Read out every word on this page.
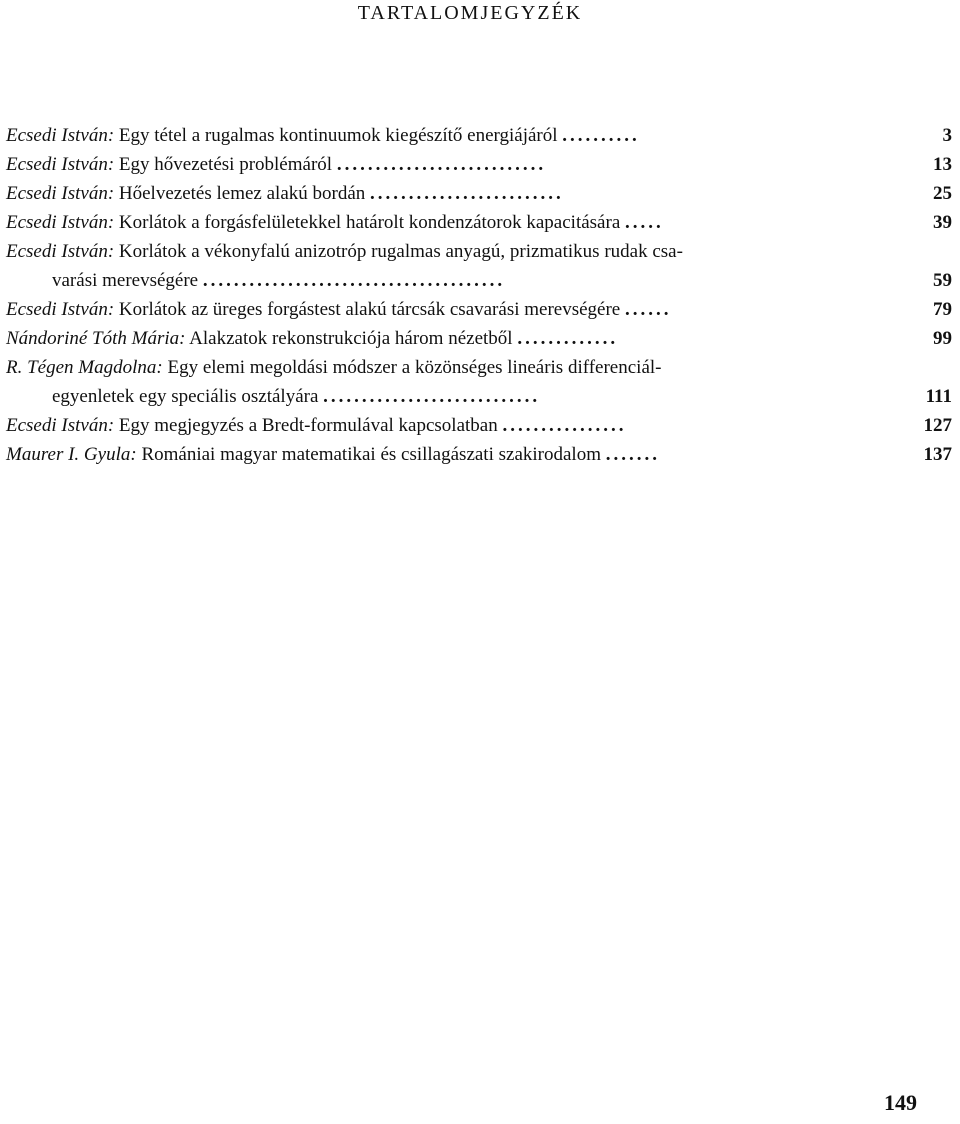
TARTALOMJEGYZÉK
Ecsedi István: Egy tétel a rugalmas kontinuumok kiegészítő energiájáról ..........	3
Ecsedi István: Egy hővezetési problémáról ...........................	13
Ecsedi István: Hőelvezetés lemez alakú bordán .........................	25
Ecsedi István: Korlátok a forgásfelületekkel határolt kondenzátorok kapacitására .....	39
Ecsedi István: Korlátok a vékonyfalú anizotróp rugalmas anyagú, prizmatikus rudak csa-
varási merevségére .......................................	59
Ecsedi István: Korlátok az üreges forgástest alakú tárcsák csavarási merevségére ......	79
Nándoriné Tóth Mária: Alakzatok rekonstrukciója három nézetből .............	99
R. Tégen Magdolna: Egy elemi megoldási módszer a közönséges lineáris differenciál-
egyenletek egy speciális osztályára ............................	111
Ecsedi István: Egy megjegyzés a Bredt-formulával kapcsolatban ................	127
Maurer I. Gyula: Romániai magyar matematikai és csillagászati szakirodalom .......	137
149
